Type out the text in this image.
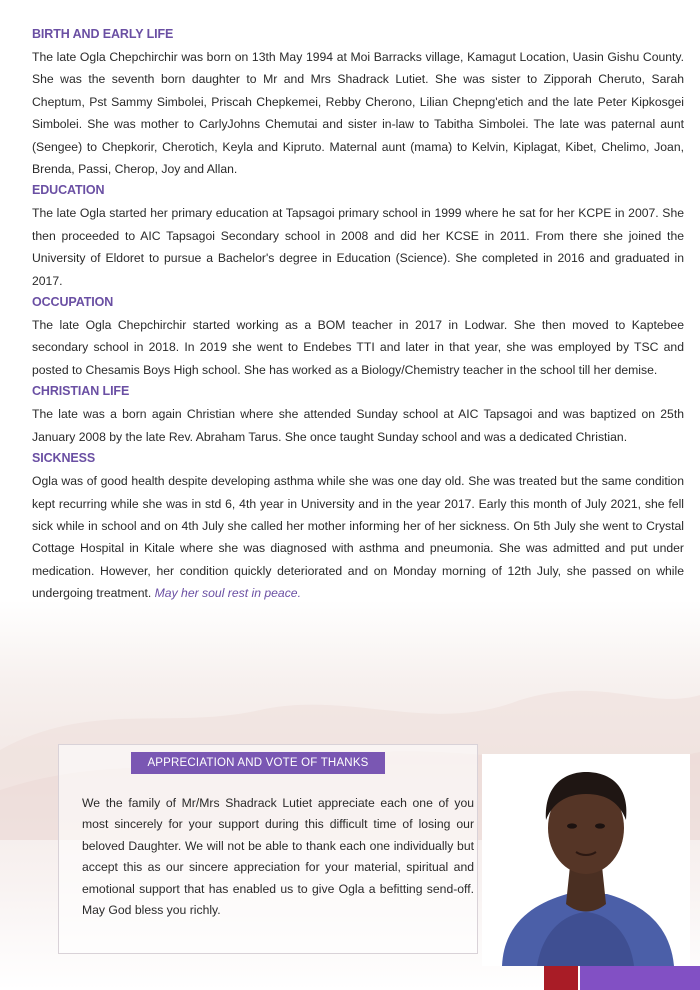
BIRTH AND EARLY LIFE

The late Ogla Chepchirchir was born on 13th May 1994 at Moi Barracks village, Kamagut Location, Uasin Gishu County. She was the seventh born daughter to Mr and Mrs Shadrack Lutiet. She was sister to Zipporah Cheruto, Sarah Cheptum, Pst Sammy Simbolei, Priscah Chepkemei, Rebby Cherono, Lilian Chepng'etich and the late Peter Kipkosgei Simbolei. She was mother to CarlyJohns Chemutai and sister in-law to Tabitha Simbolei. The late was paternal aunt (Sengee) to Chepkorir, Cherotich, Keyla and Kipruto. Maternal aunt (mama) to Kelvin, Kiplagat, Kibet, Chelimo, Joan, Brenda, Passi, Cherop, Joy and Allan.

EDUCATION

The late Ogla started her primary education at Tapsagoi primary school in 1999 where he sat for her KCPE in 2007. She then proceeded to AIC Tapsagoi Secondary school in 2008 and did her KCSE in 2011. From there she joined the University of Eldoret to pursue a Bachelor's degree in Education (Science). She completed in 2016 and graduated in 2017.

OCCUPATION

The late Ogla Chepchirchir started working as a BOM teacher in 2017 in Lodwar. She then moved to Kaptebee secondary school in 2018. In 2019 she went to Endebes TTI and later in that year, she was employed by TSC and posted to Chesamis Boys High school. She has worked as a Biology/Chemistry teacher in the school till her demise.

CHRISTIAN LIFE

The late was a born again Christian where she attended Sunday school at AIC Tapsagoi and was baptized on 25th January 2008 by the late Rev. Abraham Tarus. She once taught Sunday school and was a dedicated Christian.

SICKNESS

Ogla was of good health despite developing asthma while she was one day old. She was treated but the same condition kept recurring while she was in std 6, 4th year in University and in the year 2017. Early this month of July 2021, she fell sick while in school and on 4th July she called her mother informing her of her sickness. On 5th July she went to Crystal Cottage Hospital in Kitale where she was diagnosed with asthma and pneumonia. She was admitted and put under medication. However, her condition quickly deteriorated and on Monday morning of 12th July, she passed on while undergoing treatment. May her soul rest in peace.

APPRECIATION AND VOTE OF THANKS
We the family of Mr/Mrs Shadrack Lutiet appreciate each one of you most sincerely for your support during this difficult time of losing our beloved Daughter. We will not be able to thank each one individually but accept this as our sincere appreciation for your material, spiritual and emotional support that has enabled us to give Ogla a befitting send-off. May God bless you richly.
